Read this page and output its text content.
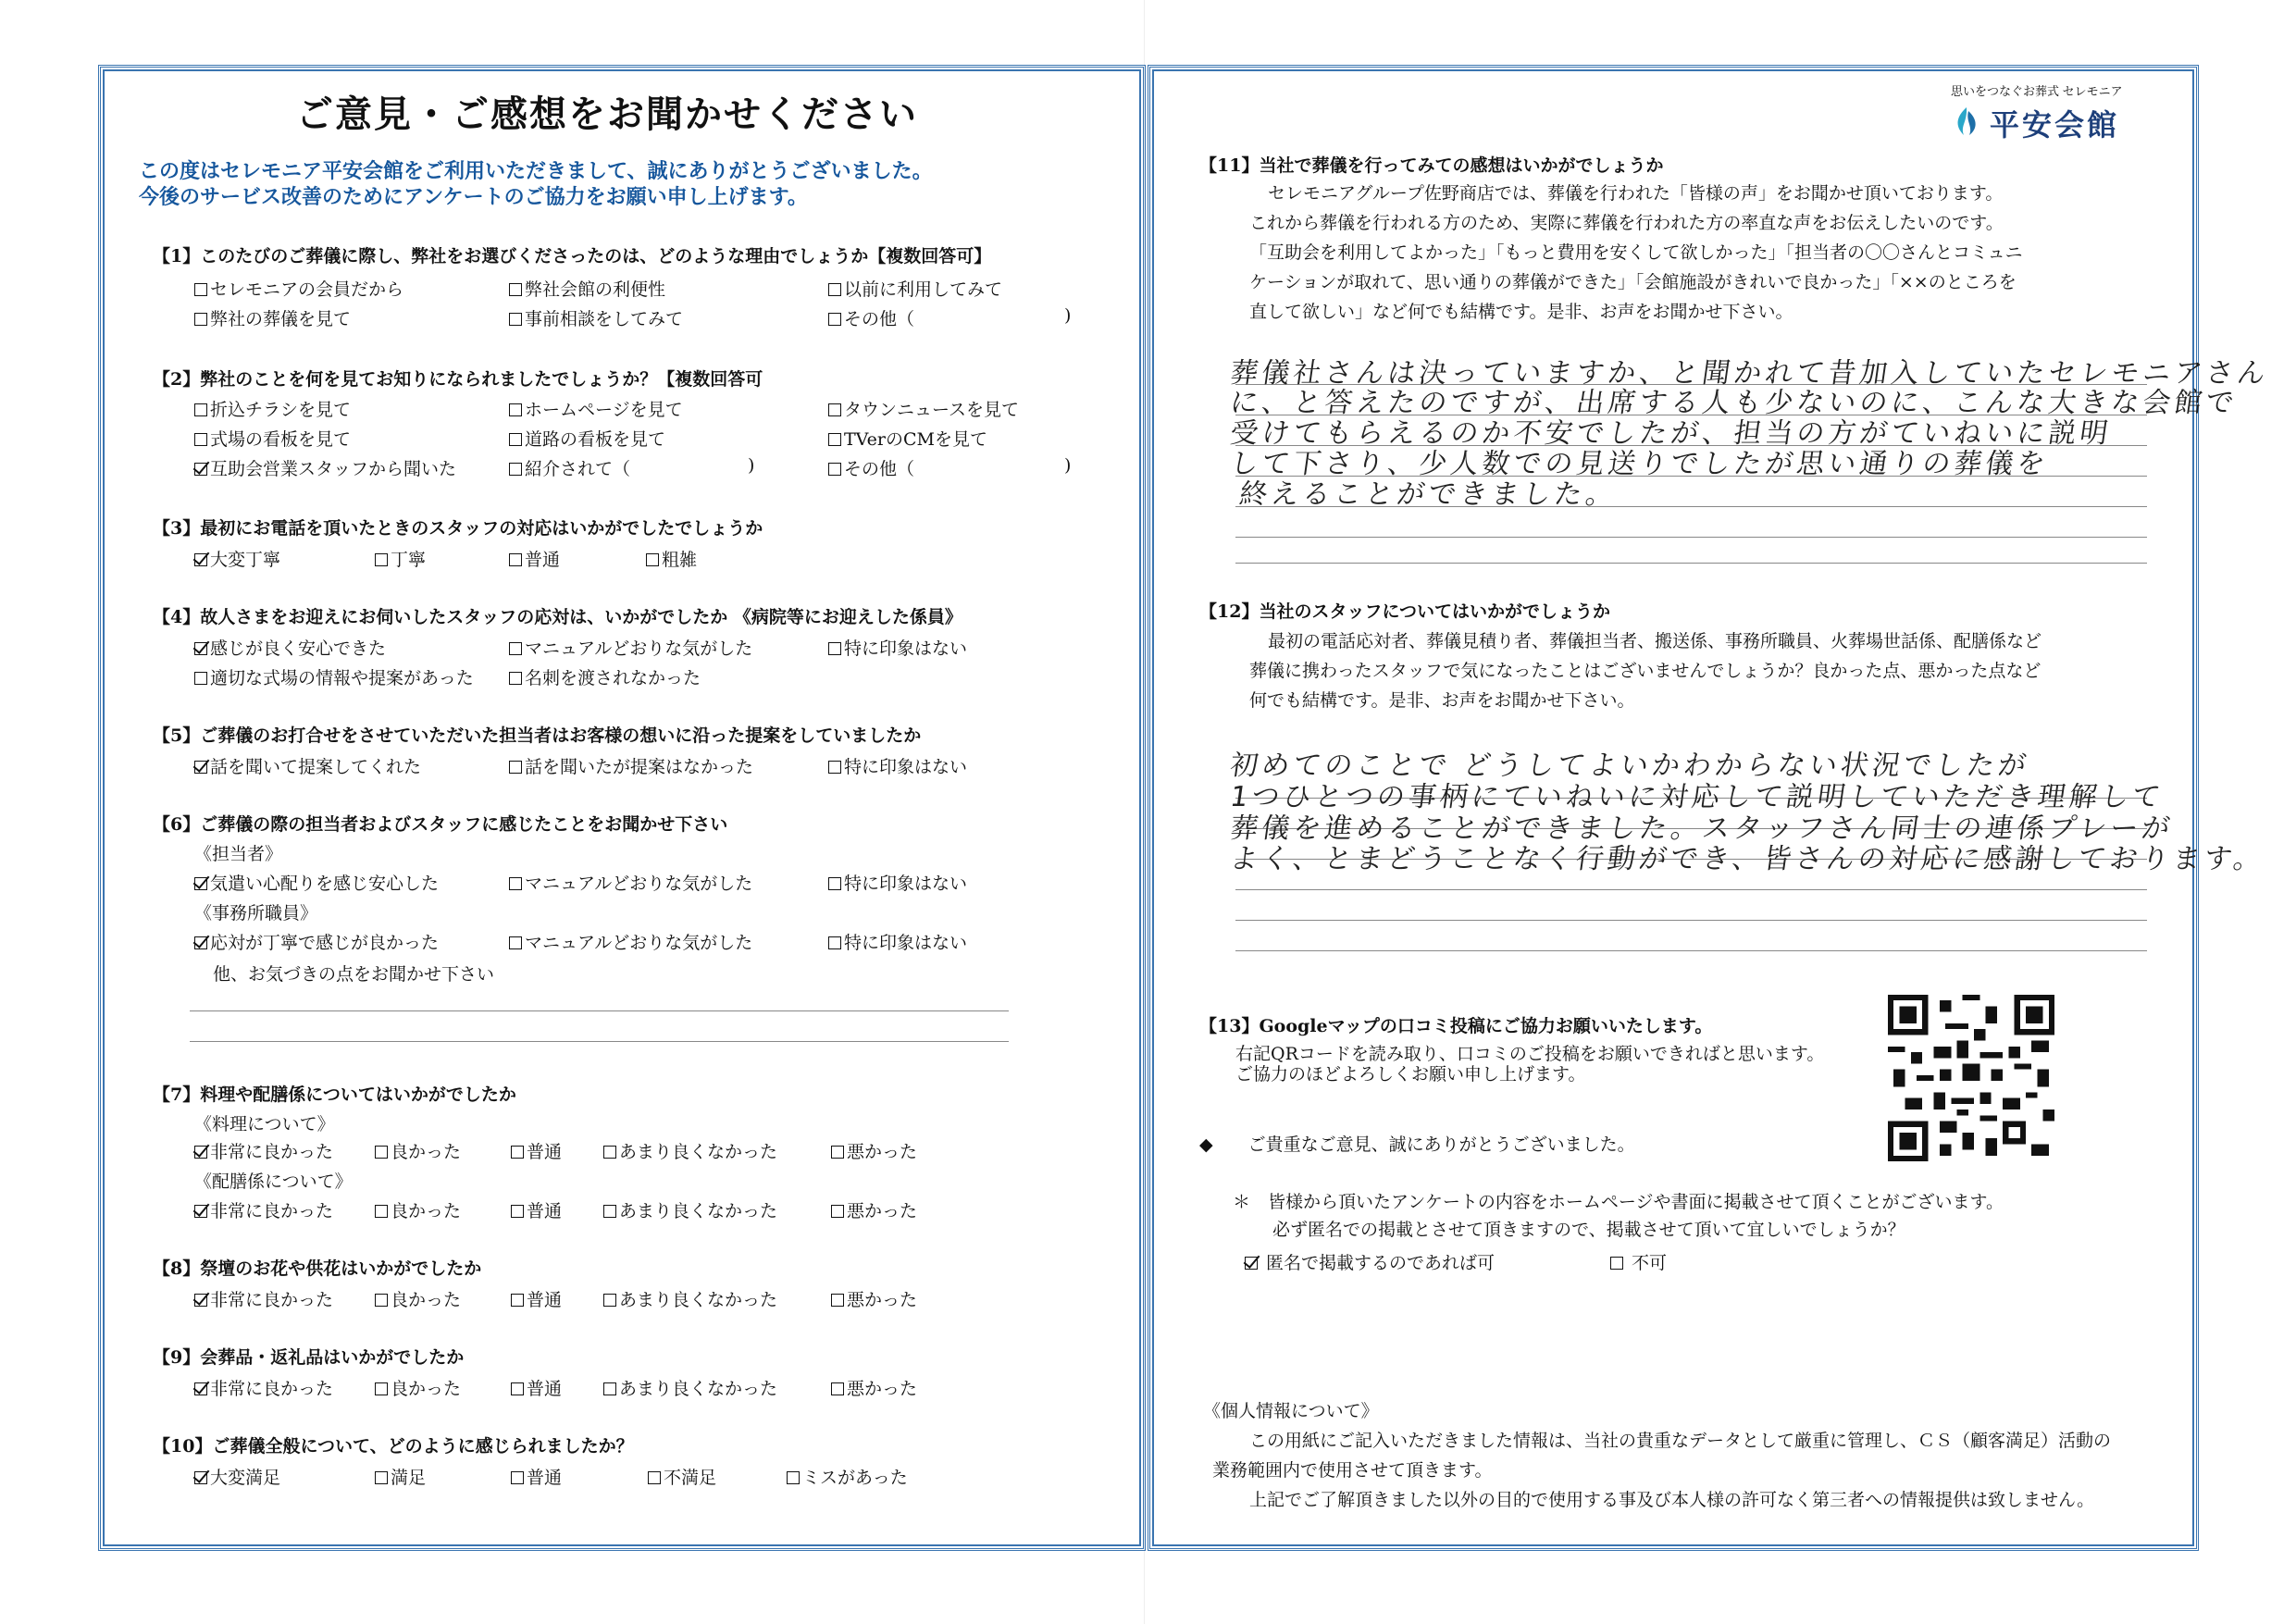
ご意見・ご感想をお聞かせください
この度はセレモニア平安会館をご利用いただきまして、誠にありがとうございました。
今後のサービス改善のためにアンケートのご協力をお願い申し上げます。
【1】このたびのご葬儀に際し、弊社をお選びくださったのは、どのような理由でしょうか【複数回答可】
セレモニアの会員だから	弊社会館の利便性	以前に利用してみて
弊社の葬儀を見て	事前相談をしてみて	その他（	)
【2】弊社のことを何を見てお知りになられましたでしょうか？【複数回答可
折込チラシを見て	ホームページを見て	タウンニュースを見て
式場の看板を見て	道路の看板を見て	TVerのCMを見て
互助会営業スタッフから聞いた	紹介されて（	)	その他（	)
【3】最初にお電話を頂いたときのスタッフの対応はいかがでしたでしょうか
大変丁寧	丁寧	普通	粗雑
【4】故人さまをお迎えにお伺いしたスタッフの応対は、いかがでしたか 《病院等にお迎えした係員》
感じが良く安心できた	マニュアルどおりな気がした	特に印象はない
適切な式場の情報や提案があった	名刺を渡されなかった
【5】ご葬儀のお打合せをさせていただいた担当者はお客様の想いに沿った提案をしていましたか
話を聞いて提案してくれた	話を聞いたが提案はなかった	特に印象はない
【6】ご葬儀の際の担当者およびスタッフに感じたことをお聞かせ下さい
《担当者》
気遣い心配りを感じ安心した	マニュアルどおりな気がした	特に印象はない
《事務所職員》
応対が丁寧で感じが良かった	マニュアルどおりな気がした	特に印象はない
他、お気づきの点をお聞かせ下さい
【7】料理や配膳係についてはいかがでしたか
《料理について》
非常に良かった	良かった	普通	あまり良くなかった	悪かった
《配膳係について》
非常に良かった	良かった	普通	あまり良くなかった	悪かった
【8】祭壇のお花や供花はいかがでしたか
非常に良かった	良かった	普通	あまり良くなかった	悪かった
【9】会葬品・返礼品はいかがでしたか
非常に良かった	良かった	普通	あまり良くなかった	悪かった
【10】ご葬儀全般について、どのように感じられましたか？
大変満足	満足	普通	不満足	ミスがあった
思いをつなぐお葬式 セレモニア
平安会館
【11】当社で葬儀を行ってみての感想はいかがでしょうか
セレモニアグループ佐野商店では、葬儀を行われた「皆様の声」をお聞かせ頂いております。
これから葬儀を行われる方のため、実際に葬儀を行われた方の率直な声をお伝えしたいのです。
「互助会を利用してよかった」「もっと費用を安くして欲しかった」「担当者の〇〇さんとコミュニ
ケーションが取れて、思い通りの葬儀ができた」「会館施設がきれいで良かった」「××のところを
直して欲しい」など何でも結構です。是非、お声をお聞かせ下さい。
葬儀社さんは決っていますか、と聞かれて昔加入していたセレモニアさん
に、と答えたのですが、出席する人も少ないのに、こんな大きな会館で
受けてもらえるのか不安でしたが、担当の方がていねいに説明
して下さり、少人数での見送りでしたが思い通りの葬儀を
終えることができました。
【12】当社のスタッフについてはいかがでしょうか
最初の電話応対者、葬儀見積り者、葬儀担当者、搬送係、事務所職員、火葬場世話係、配膳係など
葬儀に携わったスタッフで気になったことはございませんでしょうか？良かった点、悪かった点など
何でも結構です。是非、お声をお聞かせ下さい。
初めてのことで どうしてよいかわからない状況でしたが
1つひとつの事柄にていねいに対応して説明していただき理解して
葬儀を進めることができました。スタッフさん同士の連係プレーが
よく、とまどうことなく行動ができ、皆さんの対応に感謝しております。
【13】Googleマップの口コミ投稿にご協力お願いいたします。
右記QRコードを読み取り、口コミのご投稿をお願いできればと思います。
ご協力のほどよろしくお願い申し上げます。
◆　　ご貴重なご意見、誠にありがとうございました。
＊　皆様から頂いたアンケートの内容をホームページや書面に掲載させて頂くことがございます。
必ず匿名での掲載とさせて頂きますので、掲載させて頂いて宜しいでしょうか？
匿名で掲載するのであれば可	不可
《個人情報について》
この用紙にご記入いただきました情報は、当社の貴重なデータとして厳重に管理し、ＣＳ（顧客満足）活動の
業務範囲内で使用させて頂きます。
上記でご了解頂きました以外の目的で使用する事及び本人様の許可なく第三者への情報提供は致しません。
